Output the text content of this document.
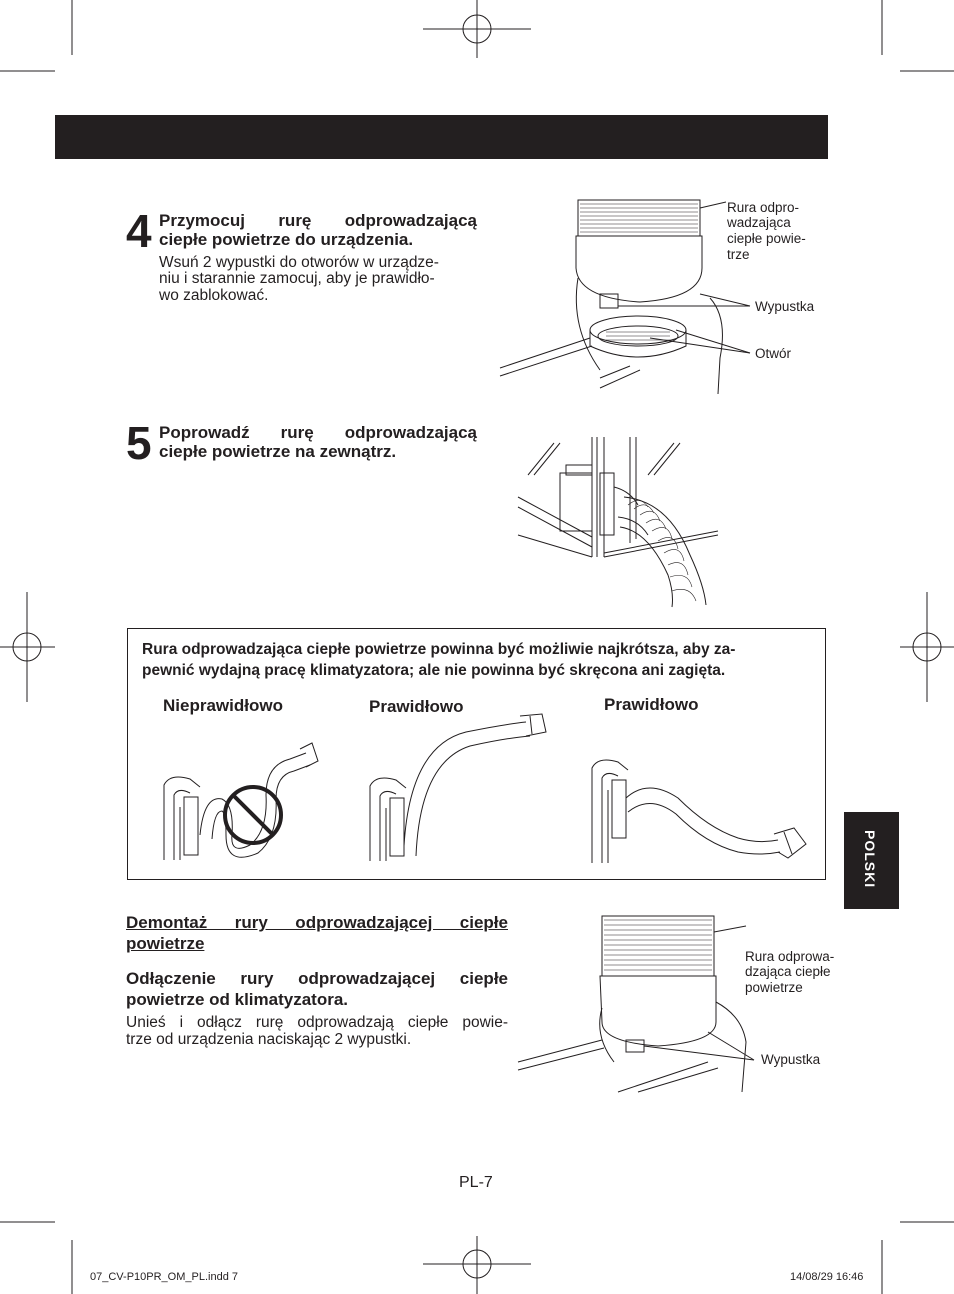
4 Przymocuj rurę odprowadzającą
ciepłe powietrze do urządzenia.
Wsuń 2 wypustki do otworów w urządze-
niu i starannie zamocuj, aby je prawidło-
wo zablokować.
Rura odpro-
wadzająca
ciepłe powie-
trze
Wypustka
Otwór
5 Poprowadź rurę odprowadzającą
ciepłe powietrze na zewnątrz.
Rura odprowadzająca ciepłe powietrze powinna być możliwie najkrótsza, aby za-
pewnić wydajną pracę klimatyzatora; ale nie powinna być skręcona ani zagięta.
Nieprawidłowo	Prawidłowo	Prawidłowo
POLSKI
Demontaż rury odprowadzającej ciepłe
powietrze
Odłączenie rury odprowadzającej ciepłe
powietrze od klimatyzatora.
Unieś i odłącz rurę odprowadzają ciepłe powie-
trze od urządzenia naciskając 2 wypustki.
Rura odprowa-
dzająca ciepłe
powietrze
Wypustka
PL-7
07_CV-P10PR_OM_PL.indd 7	14/08/29 16:46
